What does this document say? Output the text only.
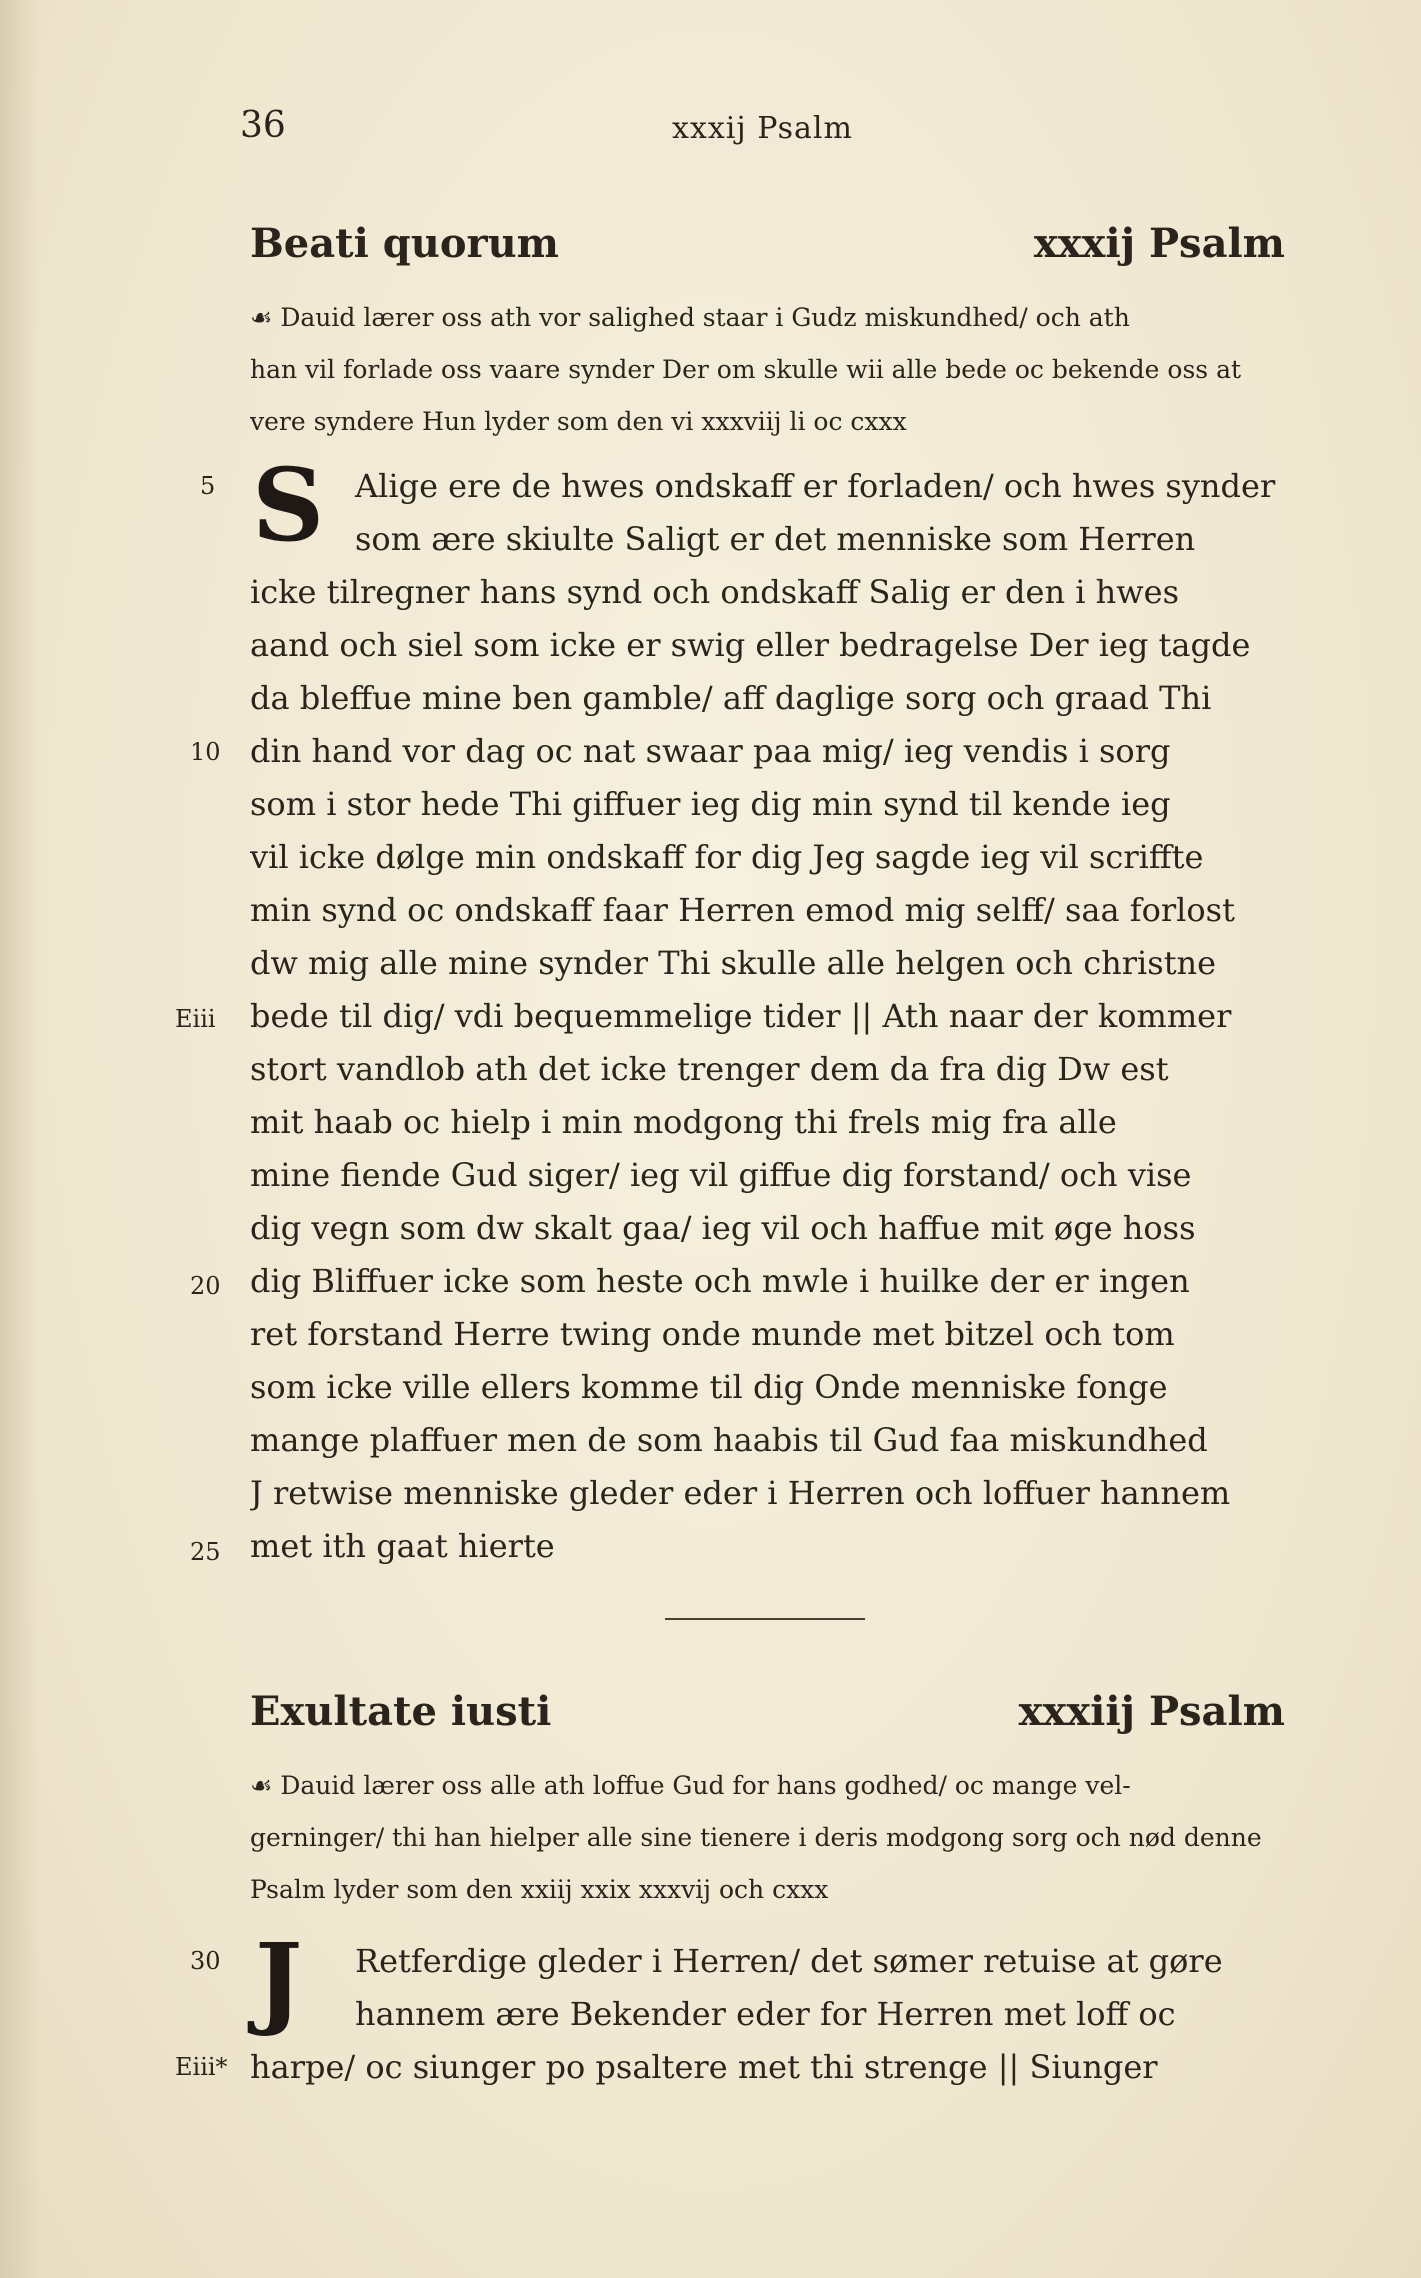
36	xxxij Psalm
Beati quorum	xxxij Psalm
☙ Dauid lærer oss ath vor salighed staar i Gudz miskundhed/ och ath
han vil forlade oss vaare synder Der om skulle wii alle bede oc bekende oss at
vere syndere Hun lyder som den vi xxxviij li oc cxxx
S Alige ere de hwes ondskaff er forladen/ och hwes synder
som ære skiulte Saligt er det menniske som Herren
icke tilregner hans synd och ondskaff Salig er den i hwes
aand och siel som icke er swig eller bedragelse Der ieg tagde
da bleffue mine ben gamble/ aff daglige sorg och graad Thi
din hand vor dag oc nat swaar paa mig/ ieg vendis i sorg
som i stor hede Thi giffuer ieg dig min synd til kende ieg
vil icke dølge min ondskaff for dig Jeg sagde ieg vil scriffte
min synd oc ondskaff faar Herren emod mig selff/ saa forlost
dw mig alle mine synder Thi skulle alle helgen och christne
bede til dig/ vdi bequemmelige tider || Ath naar der kommer
stort vandlob ath det icke trenger dem da fra dig Dw est
mit haab oc hielp i min modgong thi frels mig fra alle
mine fiende Gud siger/ ieg vil giffue dig forstand/ och vise
dig vegn som dw skalt gaa/ ieg vil och haffue mit øge hoss
dig Bliffuer icke som heste och mwle i huilke der er ingen
ret forstand Herre twing onde munde met bitzel och tom
som icke ville ellers komme til dig Onde menniske fonge
mange plaffuer men de som haabis til Gud faa miskundhed
J retwise menniske gleder eder i Herren och loffuer hannem
met ith gaat hierte
5
10
Eiii
20
25
Exultate iusti	xxxiij Psalm
☙ Dauid lærer oss alle ath loffue Gud for hans godhed/ oc mange vel-
gerninger/ thi han hielper alle sine tienere i deris modgong sorg och nød denne
Psalm lyder som den xxiij xxix xxxvij och cxxx
J	Retferdige gleder i Herren/ det sømer retuise at gøre
hannem ære Bekender eder for Herren met loff oc
harpe/ oc siunger po psaltere met thi strenge || Siunger
30
Eiii*
